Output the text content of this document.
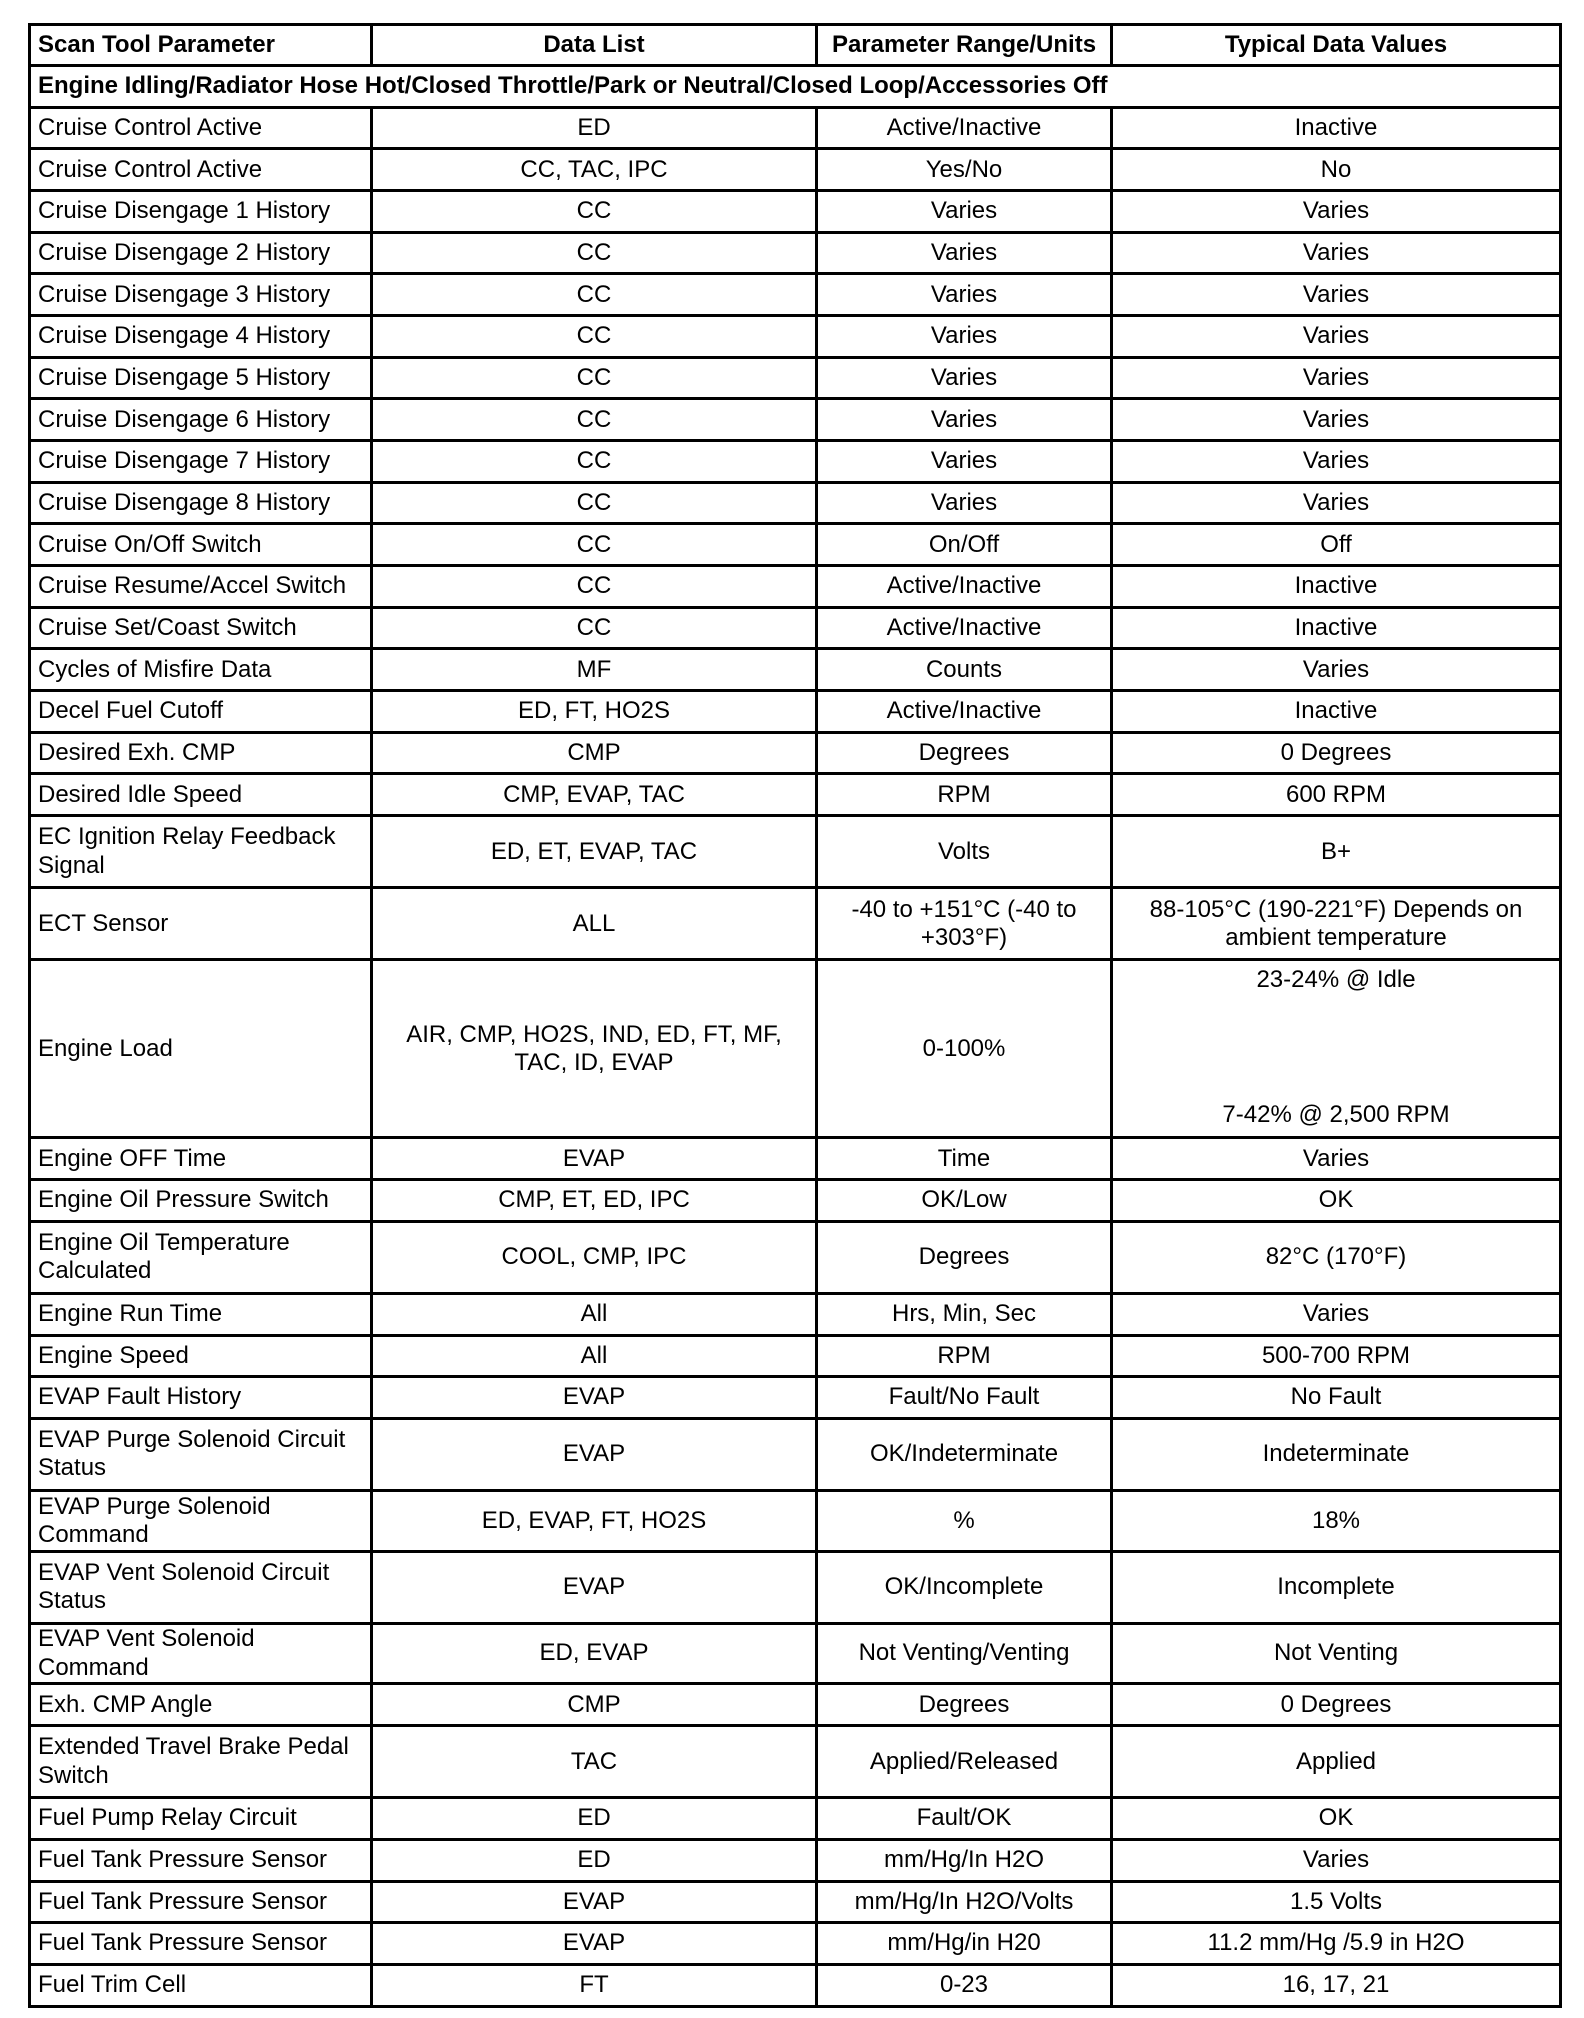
Scan Tool Parameter	Data List	Parameter Range/Units	Typical Data Values
Engine Idling/Radiator Hose Hot/Closed Throttle/Park or Neutral/Closed Loop/Accessories Off			
Cruise Control Active	ED	Active/Inactive	Inactive
Cruise Control Active	CC, TAC, IPC	Yes/No	No
Cruise Disengage 1 History	CC	Varies	Varies
Cruise Disengage 2 History	CC	Varies	Varies
Cruise Disengage 3 History	CC	Varies	Varies
Cruise Disengage 4 History	CC	Varies	Varies
Cruise Disengage 5 History	CC	Varies	Varies
Cruise Disengage 6 History	CC	Varies	Varies
Cruise Disengage 7 History	CC	Varies	Varies
Cruise Disengage 8 History	CC	Varies	Varies
Cruise On/Off Switch	CC	On/Off	Off
Cruise Resume/Accel Switch	CC	Active/Inactive	Inactive
Cruise Set/Coast Switch	CC	Active/Inactive	Inactive
Cycles of Misfire Data	MF	Counts	Varies
Decel Fuel Cutoff	ED, FT, HO2S	Active/Inactive	Inactive
Desired Exh. CMP	CMP	Degrees	0 Degrees
Desired Idle Speed	CMP, EVAP, TAC	RPM	600 RPM
EC Ignition Relay Feedback Signal	ED, ET, EVAP, TAC	Volts	B+
ECT Sensor	ALL	-40 to +151°C (-40 to +303°F)	88-105°C (190-221°F) Depends on ambient temperature
Engine Load	AIR, CMP, HO2S, IND, ED, FT, MF, TAC, ID, EVAP	0-100%	23-24% @ Idle
7-42% @ 2,500 RPM

Engine OFF Time	EVAP	Time	Varies
Engine Oil Pressure Switch	CMP, ET, ED, IPC	OK/Low	OK
Engine Oil Temperature Calculated	COOL, CMP, IPC	Degrees	82°C (170°F)
Engine Run Time	All	Hrs, Min, Sec	Varies
Engine Speed	All	RPM	500-700 RPM
EVAP Fault History	EVAP	Fault/No Fault	No Fault
EVAP Purge Solenoid Circuit Status	EVAP	OK/Indeterminate	Indeterminate
EVAP Purge Solenoid Command	ED, EVAP, FT, HO2S	%	18%
EVAP Vent Solenoid Circuit Status	EVAP	OK/Incomplete	Incomplete
EVAP Vent Solenoid Command	ED, EVAP	Not Venting/Venting	Not Venting
Exh. CMP Angle	CMP	Degrees	0 Degrees
Extended Travel Brake Pedal Switch	TAC	Applied/Released	Applied
Fuel Pump Relay Circuit	ED	Fault/OK	OK
Fuel Tank Pressure Sensor	ED	mm/Hg/In H2O	Varies
Fuel Tank Pressure Sensor	EVAP	mm/Hg/In H2O/Volts	1.5 Volts
Fuel Tank Pressure Sensor	EVAP	mm/Hg/in H20	11.2 mm/Hg /5.9 in H2O
Fuel Trim Cell	FT	0-23	16, 17, 21
